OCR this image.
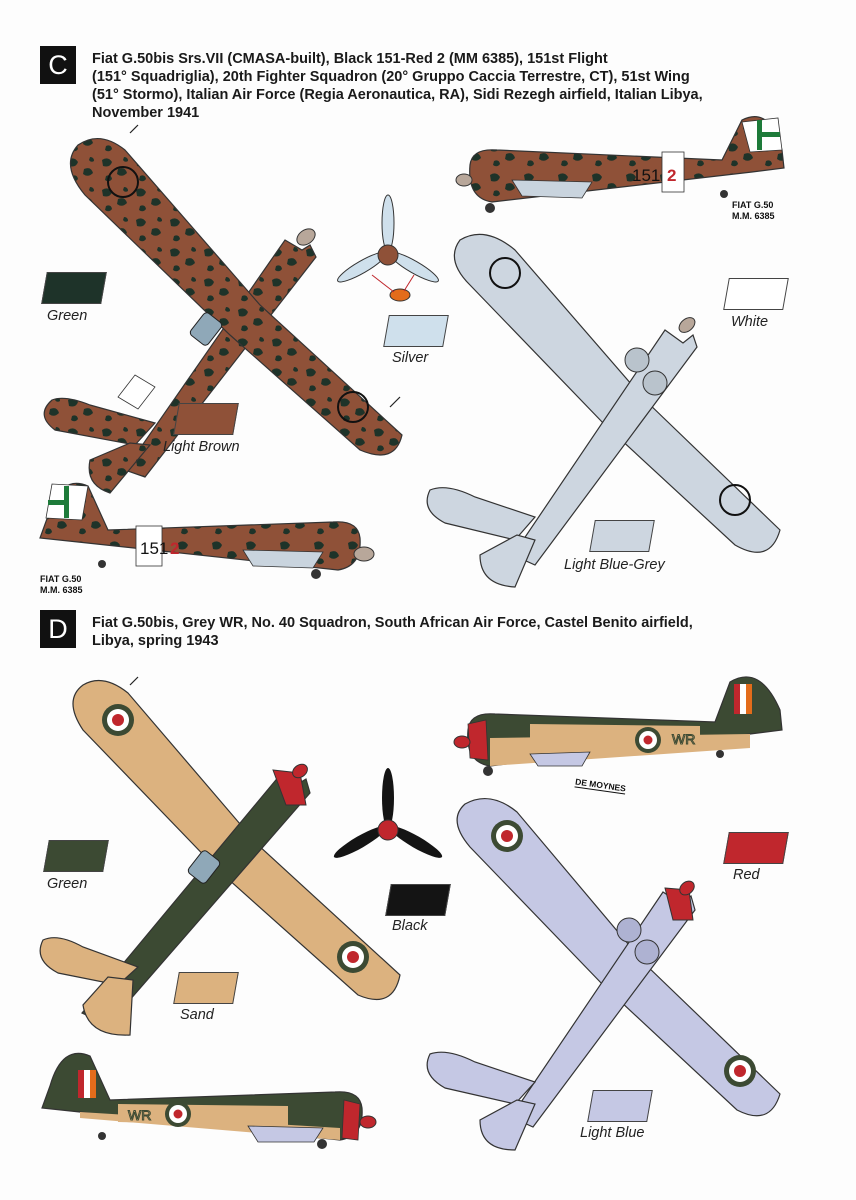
C	Fiat G.50bis Srs.VII (CMASA-built), Black 151-Red 2 (MM 6385), 151st Flight
(151° Squadriglia), 20th Fighter Squadron (20° Gruppo Caccia Terrestre, CT), 51st Wing
(51° Stormo), Italian Air Force (Regia Aeronautica, RA), Sidi Rezegh airfield, Italian Libya,
November 1941
151 2
FIAT G.50
M.M. 6385
Green
Silver
White
Light Brown
Light Blue-Grey
151 2
FIAT G.50
M.M. 6385
D	Fiat G.50bis, Grey WR, No. 40 Squadron, South African Air Force, Castel Benito airfield,
Libya, spring 1943
WR
DE MOYNES
Green
Black
Red
Sand
Light Blue
WR
